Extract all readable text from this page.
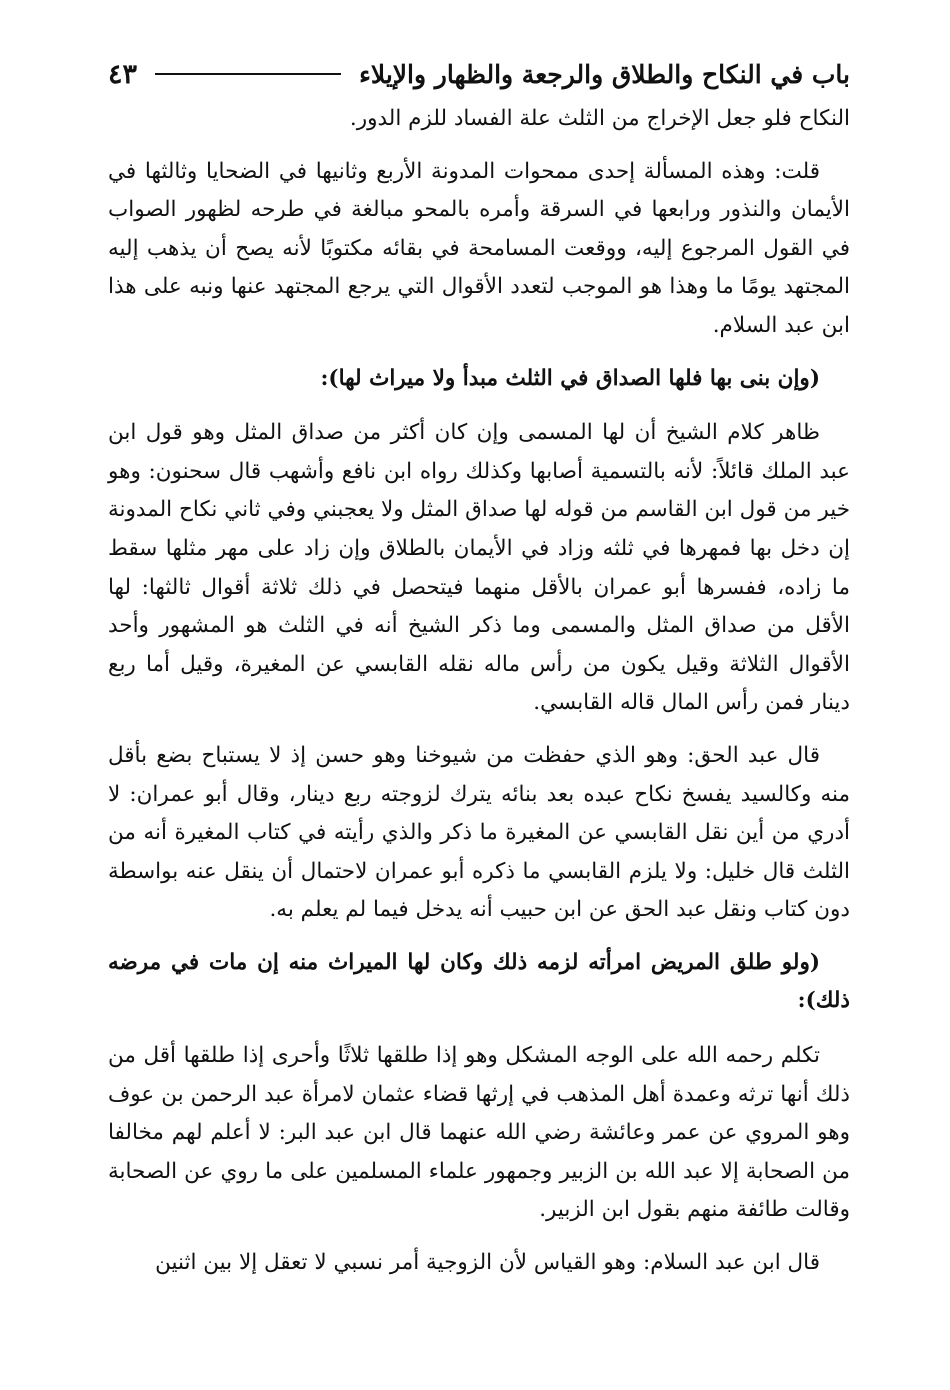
باب في النكاح والطلاق والرجعة والظهار والإيلاء
٤٣

النكاح فلو جعل الإخراج من الثلث علة الفساد للزم الدور.

قلت: وهذه المسألة إحدى ممحوات المدونة الأربع وثانيها في الضحايا وثالثها في الأيمان والنذور ورابعها في السرقة وأمره بالمحو مبالغة في طرحه لظهور الصواب في القول المرجوع إليه، ووقعت المسامحة في بقائه مكتوبًا لأنه يصح أن يذهب إليه المجتهد يومًا ما وهذا هو الموجب لتعدد الأقوال التي يرجع المجتهد عنها ونبه على هذا ابن عبد السلام.

(وإن بنى بها فلها الصداق في الثلث مبدأ ولا ميراث لها):

ظاهر كلام الشيخ أن لها المسمى وإن كان أكثر من صداق المثل وهو قول ابن عبد الملك قائلاً: لأنه بالتسمية أصابها وكذلك رواه ابن نافع وأشهب قال سحنون: وهو خير من قول ابن القاسم من قوله لها صداق المثل ولا يعجبني وفي ثاني نكاح المدونة إن دخل بها فمهرها في ثلثه وزاد في الأيمان بالطلاق وإن زاد على مهر مثلها سقط ما زاده، ففسرها أبو عمران بالأقل منهما فيتحصل في ذلك ثلاثة أقوال ثالثها: لها الأقل من صداق المثل والمسمى وما ذكر الشيخ أنه في الثلث هو المشهور وأحد الأقوال الثلاثة وقيل يكون من رأس ماله نقله القابسي عن المغيرة، وقيل أما ربع دينار فمن رأس المال قاله القابسي.

قال عبد الحق: وهو الذي حفظت من شيوخنا وهو حسن إذ لا يستباح بضع بأقل منه وكالسيد يفسخ نكاح عبده بعد بنائه يترك لزوجته ربع دينار، وقال أبو عمران: لا أدري من أين نقل القابسي عن المغيرة ما ذكر والذي رأيته في كتاب المغيرة أنه من الثلث قال خليل: ولا يلزم القابسي ما ذكره أبو عمران لاحتمال أن ينقل عنه بواسطة دون كتاب ونقل عبد الحق عن ابن حبيب أنه يدخل فيما لم يعلم به.

(ولو طلق المريض امرأته لزمه ذلك وكان لها الميراث منه إن مات في مرضه ذلك):

تكلم رحمه الله على الوجه المشكل وهو إذا طلقها ثلاثًا وأحرى إذا طلقها أقل من ذلك أنها ترثه وعمدة أهل المذهب في إرثها قضاء عثمان لامرأة عبد الرحمن بن عوف وهو المروي عن عمر وعائشة رضي الله عنهما قال ابن عبد البر: لا أعلم لهم مخالفا من الصحابة إلا عبد الله بن الزبير وجمهور علماء المسلمين على ما روي عن الصحابة وقالت طائفة منهم بقول ابن الزبير.

قال ابن عبد السلام: وهو القياس لأن الزوجية أمر نسبي لا تعقل إلا بين اثنين
